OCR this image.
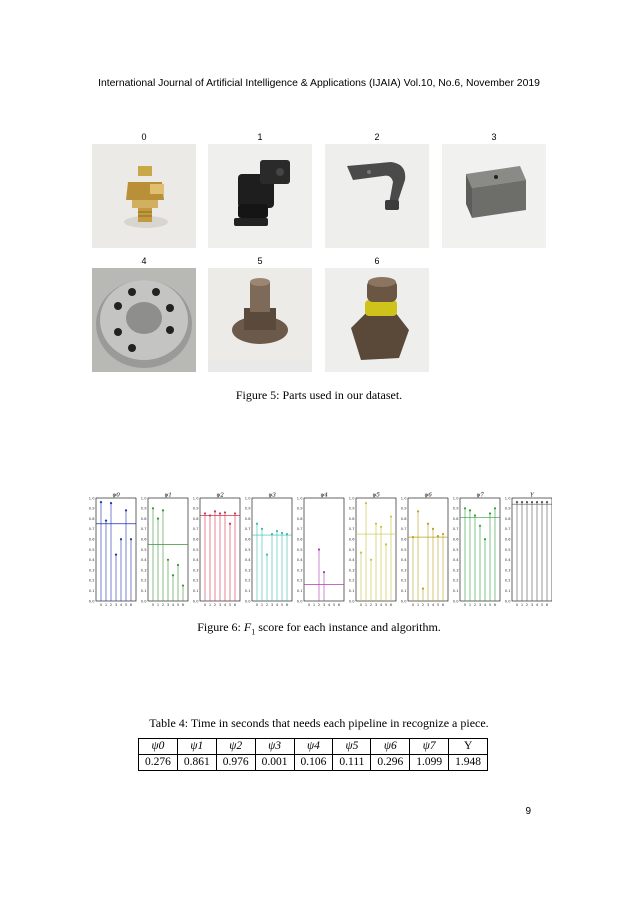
International Journal of Artificial Intelligence & Applications (IJAIA) Vol.10, No.6, November 2019
0	1	2	3
4	5	6
Figure 5: Parts used in our dataset.
ψ0
0.0
0.1
0.2
0.3
0.4
0.5
0.6
0.7
0.8
0.9
1.0
0 1 2 3 4 5 6
ψ1
0.0
0.1
0.2
0.3
0.4
0.5
0.6
0.7
0.8
0.9
1.0
0 1 2 3 4 5 6
ψ2
0.0
0.1
0.2
0.3
0.4
0.5
0.6
0.7
0.8
0.9
1.0
0 1 2 3 4 5 6
ψ3
0.0
0.1
0.2
0.3
0.4
0.5
0.6
0.7
0.8
0.9
1.0
0 1 2 3 4 5 6
ψ4
0.0
0.1
0.2
0.3
0.4
0.5
0.6
0.7
0.8
0.9
1.0
0 1 2 3 4 5 6
ψ5
0.0
0.1
0.2
0.3
0.4
0.5
0.6
0.7
0.8
0.9
1.0
0 1 2 3 4 5 6
ψ6
0.0
0.1
0.2
0.3
0.4
0.5
0.6
0.7
0.8
0.9
1.0
0 1 2 3 4 5 6
ψ7
0.0
0.1
0.2
0.3
0.4
0.5
0.6
0.7
0.8
0.9
1.0
0 1 2 3 4 5 6
Υ
0.0
0.1
0.2
0.3
0.4
0.5
0.6
0.7
0.8
0.9
1.0
0 1 2 3 4 5 6
Figure 6: $F_1$ score for each instance and algorithm.
Table 4: Time in seconds that needs each pipeline in recognize a piece.
ψ0	ψ1	ψ2	ψ3	ψ4	ψ5	ψ6	ψ7	Υ
0.276	0.861	0.976	0.001	0.106	0.111	0.296	1.099	1.948
9
